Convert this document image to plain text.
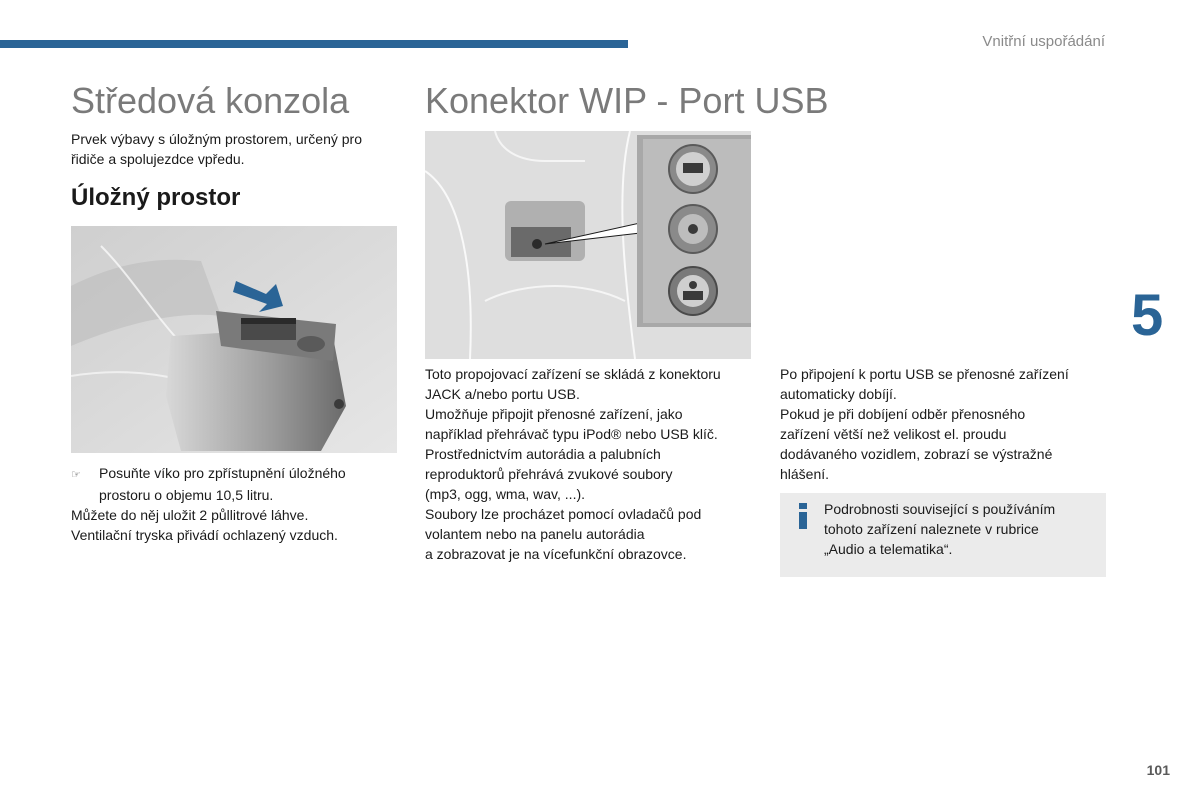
Vnitřní uspořádání
Středová konzola

Prvek výbavy s úložným prostorem, určený pro

řidiče a spolujezdce vpředu.

Úložný prostor

☞ Posuňte víko pro zpřístupnění úložného

prostoru o objemu 10,5 litru.

Můžete do něj uložit 2 půllitrové láhve.

Ventilační tryska přivádí ochlazený vzduch.

Konektor WIP - Port USB

Toto propojovací zařízení se skládá z konektoru

JACK a/nebo portu USB.

Umožňuje připojit přenosné zařízení, jako

například přehrávač typu iPod® nebo USB klíč.

Prostřednictvím autorádia a palubních

reproduktorů přehrává zvukové soubory

(mp3, ogg, wma, wav, ...).

Soubory lze procházet pomocí ovladačů pod

volantem nebo na panelu autorádia

a zobrazovat je na vícefunkční obrazovce.

Po připojení k portu USB se přenosné zařízení

automaticky dobíjí.

Pokud je při dobíjení odběr přenosného

zařízení větší než velikost el. proudu

dodávaného vozidlem, zobrazí se výstražné

hlášení.

Podrobnosti související s používáním

tohoto zařízení naleznete v rubrice

„Audio a telematika“.

5
101
